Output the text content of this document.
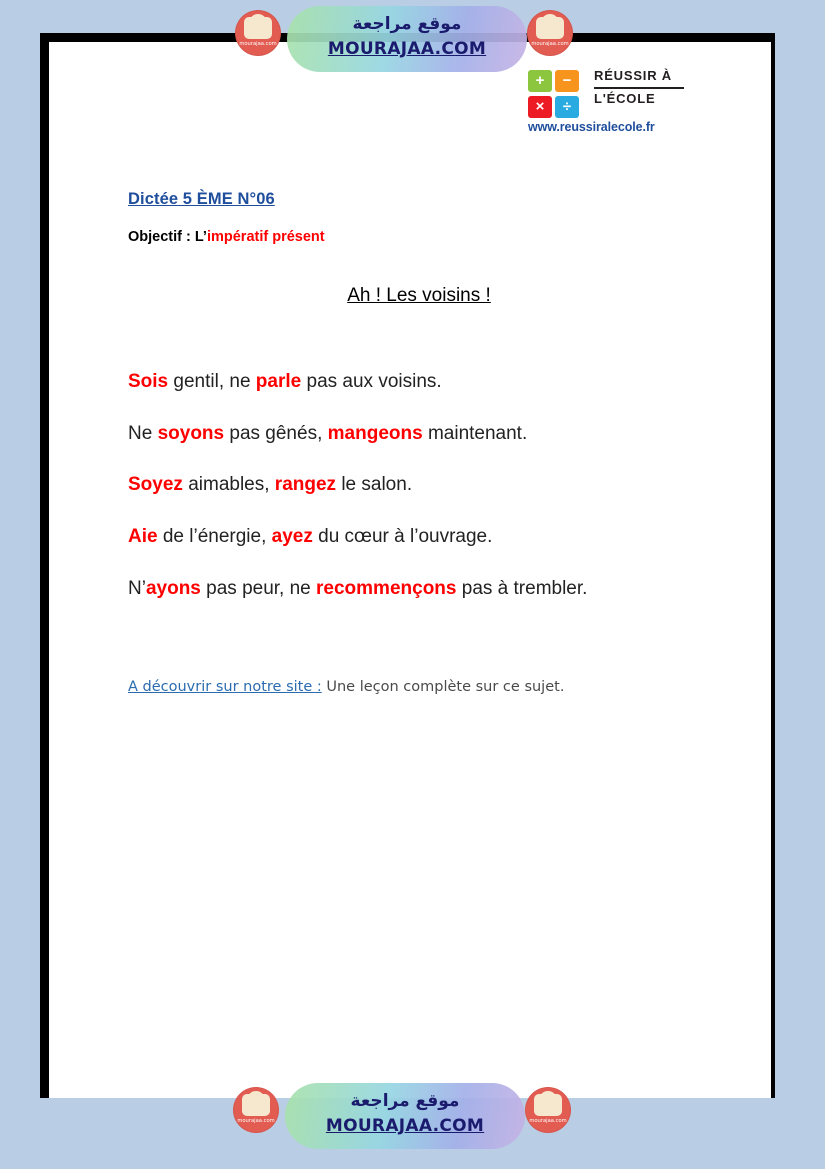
+	−
×	÷
RÉUSSIR À
L'ÉCOLE
www.reussiralecole.fr
Dictée 5 ÈME N°06
Objectif : L’impératif présent
Ah ! Les voisins !
Sois gentil, ne parle pas aux voisins.
Ne soyons pas gênés, mangeons maintenant.
Soyez aimables, rangez le salon.
Aie de l’énergie, ayez du cœur à l’ouvrage.
N’ayons pas peur, ne recommençons pas à trembler.
A découvrir sur notre site : Une leçon complète sur ce sujet.
mourajaa.com	mourajaa.com
موقع مراجعة
MOURAJAA.COM
mourajaa.com	mourajaa.com
موقع مراجعة
MOURAJAA.COM
